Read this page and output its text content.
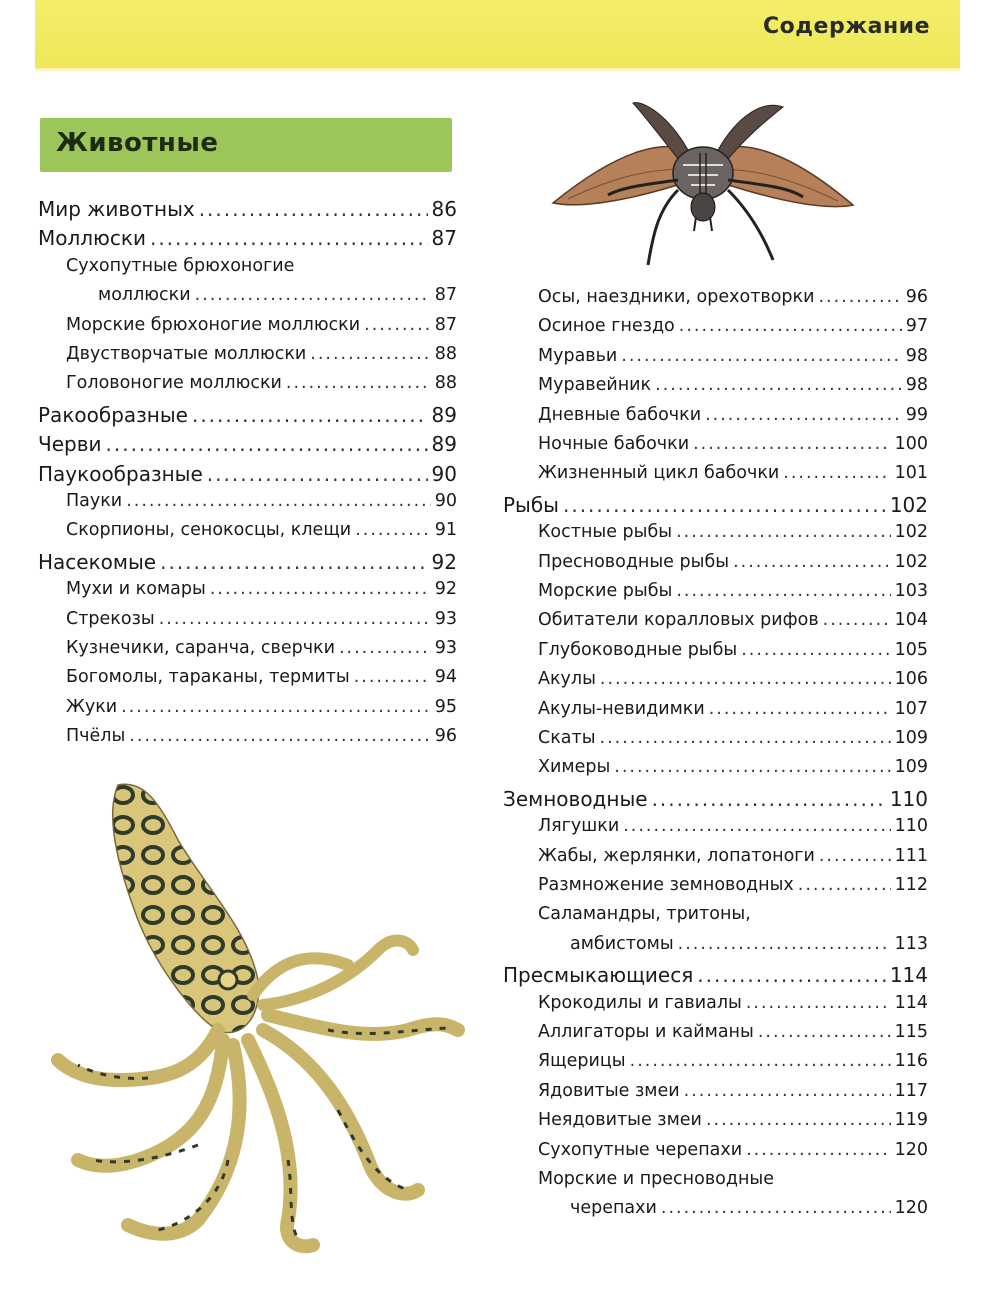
Содержание
Животные
Мир животных .....	86
Моллюски .....	87
Сухопутные брюхоногие
моллюски .....	87
Морские брюхоногие моллюски .....	87
Двустворчатые моллюски .....	88
Головоногие моллюски .....	88
Ракообразные .....	89
Черви .....	89
Паукообразные .....	90
Пауки .....	90
Скорпионы, сенокосцы, клещи .....	91
Насекомые .....	92
Мухи и комары .....	92
Стрекозы .....	93
Кузнечики, саранча, сверчки .....	93
Богомолы, тараканы, термиты .....	94
Жуки .....	95
Пчёлы .....	96
Осы, наездники, орехотворки .....	96
Осиное гнездо .....	97
Муравьи .....	98
Муравейник .....	98
Дневные бабочки .....	99
Ночные бабочки .....	100
Жизненный цикл бабочки .....	101
Рыбы .....	102
Костные рыбы .....	102
Пресноводные рыбы .....	102
Морские рыбы .....	103
Обитатели коралловых рифов .....	104
Глубоководные рыбы .....	105
Акулы .....	106
Акулы-невидимки .....	107
Скаты .....	109
Химеры .....	109
Земноводные .....	110
Лягушки .....	110
Жабы, жерлянки, лопатоноги .....	111
Размножение земноводных .....	112
Саламандры, тритоны,
амбистомы .....	113
Пресмыкающиеся .....	114
Крокодилы и гавиалы .....	114
Аллигаторы и кайманы .....	115
Ящерицы .....	116
Ядовитые змеи .....	117
Неядовитые змеи .....	119
Сухопутные черепахи .....	120
Морские и пресноводные
черепахи .....	120
